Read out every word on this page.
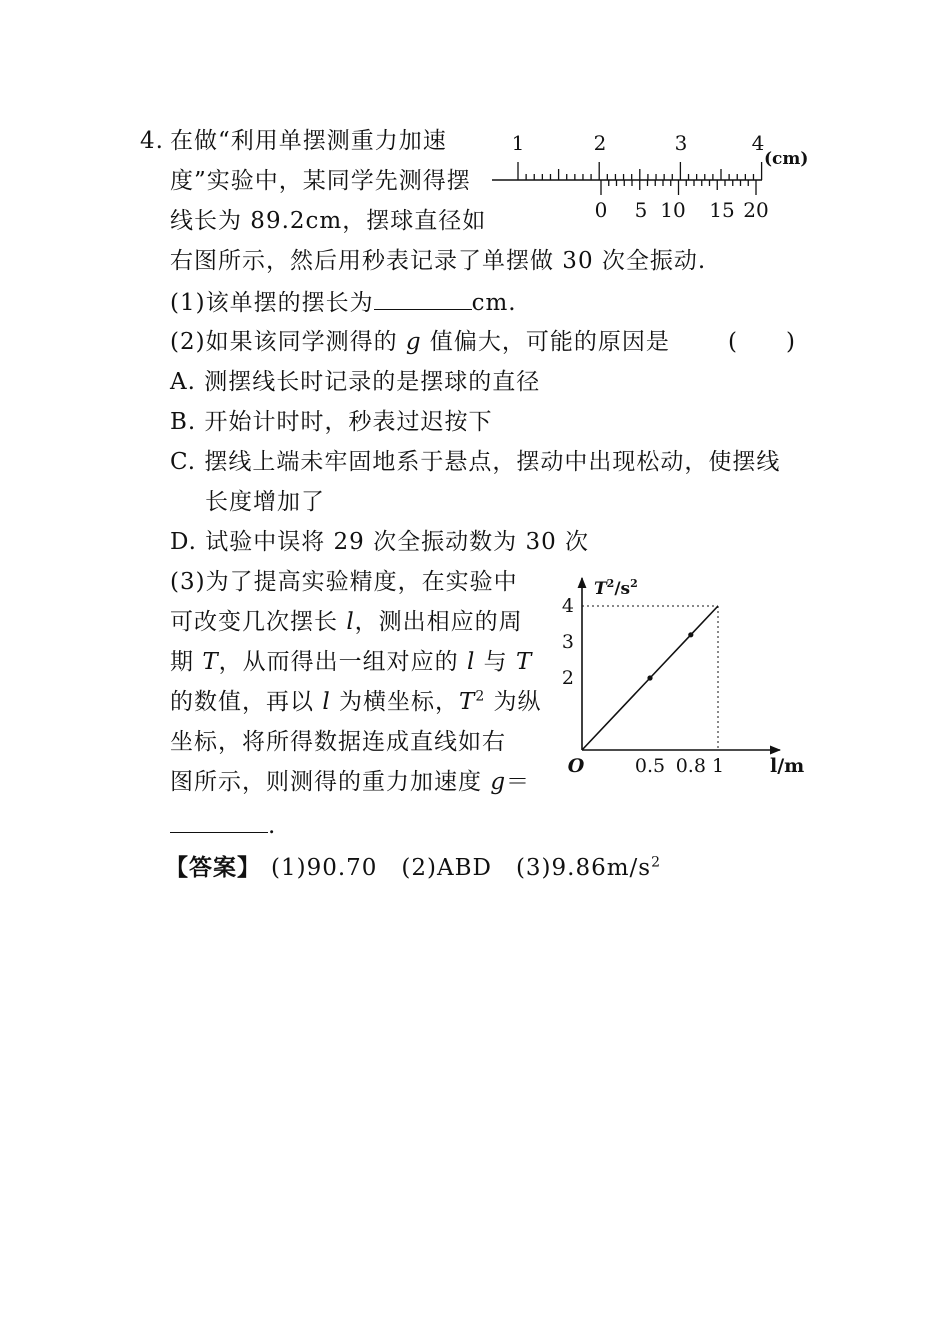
4. 在做“利用单摆测重力加速
度”实验中，某同学先测得摆
线长为 89.2cm，摆球直径如
右图所示，然后用秒表记录了单摆做 30 次全振动.
1	2	3	4
(cm)
0 5 10 15 20
(1)该单摆的摆长为	cm.
(2)如果该同学测得的 g 值偏大，可能的原因是	(　　)
A. 测摆线长时记录的是摆球的直径
B. 开始计时时，秒表过迟按下
C. 摆线上端未牢固地系于悬点，摆动中出现松动，使摆线
长度增加了
D. 试验中误将 29 次全振动数为 30 次
(3)为了提高实验精度，在实验中
可改变几次摆长 l，测出相应的周
期 T，从而得出一组对应的 l 与 T
的数值，再以 l 为横坐标，$T^2$ 为纵
坐标，将所得数据连成直线如右
图所示，则测得的重力加速度 g＝
.
2
3
4
0.5 0.8 1
$T^2/s^2$
O	l/m
【答案】 (1)90.70　(2)ABD　$(3)9.86m/s^2$
